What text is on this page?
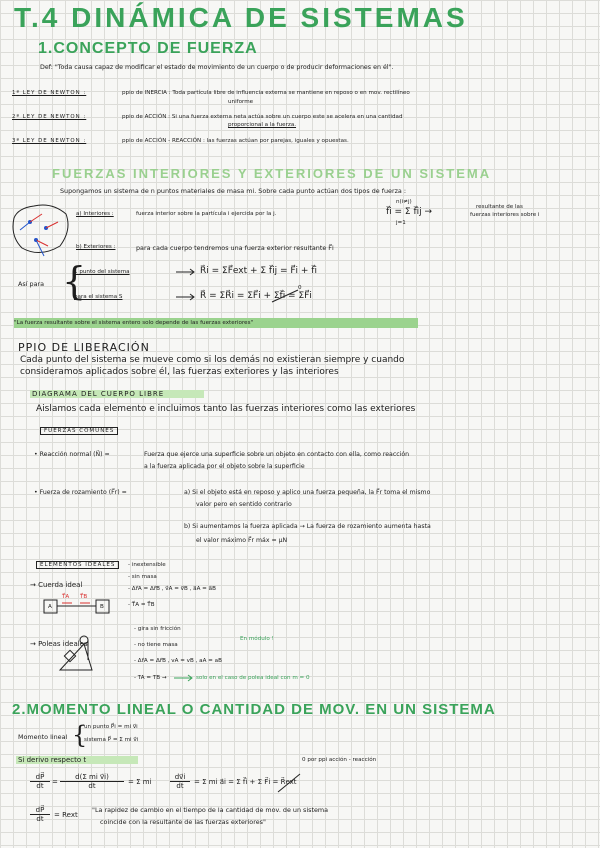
T.4 DINÁMICA DE SISTEMAS
1.CONCEPTO DE FUERZA
Def: "Toda causa capaz de modificar el estado de movimiento de un cuerpo o de producir deformaciones en él".
1ª LEY DE NEWTON :	ppio de INERCIA : Toda partícula libre de influencia externa se mantiene en reposo o en mov. rectilíneo
uniforme
2ª LEY DE NEWTON :	ppio de ACCIÓN : Si una fuerza externa neta actúa sobre un cuerpo este se acelera en una cantidad
proporcional a la fuerza.
3ª LEY DE NEWTON :	ppio de ACCIÓN - REACCIÓN : las fuerzas actúan por parejas, iguales y opuestas.
FUERZAS INTERIORES Y EXTERIORES DE UN SISTEMA
Supongamos un sistema de n puntos materiales de masa mi. Sobre cada punto actúan dos tipos de fuerza :
a) Interiores :	fuerza interior sobre la partícula i ejercida por la j.
n(i≠j)
f⃗i = Σ f⃗ij →
j=1
resultante de las
fuerzas interiores sobre i
b) Exteriores :	para cada cuerpo tendremos una fuerza exterior resultante F⃗i
Así para {
1 punto del sistema	R⃗i = ΣF⃗ext + Σ f⃗ij = F⃗i + f⃗i
para el sistema S	R⃗ = ΣR⃗i = ΣF⃗i + Σf⃗i = ΣF⃗i
0
"La fuerza resultante sobre el sistema entero solo depende de las fuerzas exteriores"
PPIO DE LIBERACIÓN
Cada punto del sistema se mueve como si los demás no existieran siempre y cuando
consideramos aplicados sobre él, las fuerzas exteriores y las interiores
DIAGRAMA DEL CUERPO LIBRE
Aislamos cada elemento e incluimos tanto las fuerzas interiores como las exteriores
FUERZAS COMUNES
• Reacción normal (N⃗) =	Fuerza que ejerce una superficie sobre un objeto en contacto con ella, como reacción
a la fuerza aplicada por el objeto sobre la superficie
• Fuerza de rozamiento (F⃗r) =	a) Si el objeto está en reposo y aplico una fuerza pequeña, la F⃗r toma el mismo
valor pero en sentido contrario
b) Si aumentamos la fuerza aplicada → La fuerza de rozamiento aumenta hasta
el valor máximo F⃗r máx = μN
ELEMENTOS IDEALES
→ Cuerda ideal
- inextensible
- sin masa
- Δr⃗A = Δr⃗B , v⃗A = v⃗B , a⃗A = a⃗B
- T⃗A = T⃗B
A	B
T⃗A T⃗B
→ Poleas ideales
- gira sin fricción
- no tiene masa
- Δr⃗A = Δr⃗B , vA = vB , aA = aB
- TA = TB →
En módulo !
solo en el caso de polea ideal con m = 0
2.MOMENTO LINEAL O CANTIDAD DE MOV. EN UN SISTEMA
Momento lineal {
un punto P⃗i = mi v⃗i
sistema P⃗ = Σ mi v⃗i
Si derivo respecto t
dP⃗
dt	=
d(Σ mi v⃗i)
dt	= Σ mi
dv⃗i
dt	= Σ mi a⃗i = Σ f⃗i + Σ F⃗i = R⃗ext
0 por ppi acción - reacción
dP⃗
dt	= Rext
"La rapidez de cambio en el tiempo de la cantidad de mov. de un sistema
coincide con la resultante de las fuerzas exteriores"
